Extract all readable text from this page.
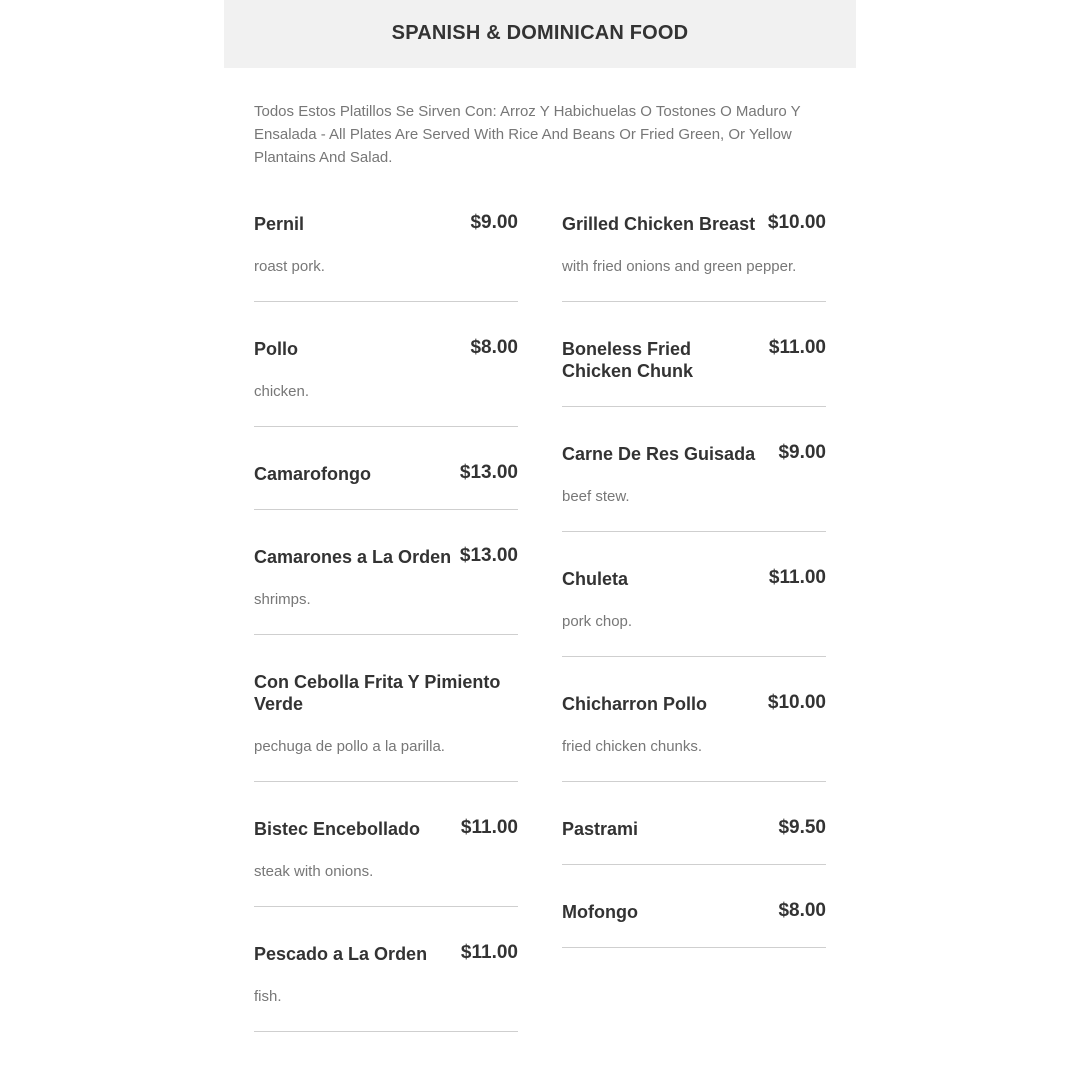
SPANISH & DOMINICAN FOOD
Todos Estos Platillos Se Sirven Con: Arroz Y Habichuelas O Tostones O Maduro Y Ensalada - All Plates Are Served With Rice And Beans Or Fried Green, Or Yellow Plantains And Salad.
Pernil	$9.00
roast pork.
Pollo	$8.00
chicken.
Camarofongo	$13.00
Camarones a La Orden $13.00
shrimps.
Con Cebolla Frita Y Pimiento Verde
pechuga de pollo a la parilla.
Bistec Encebollado	$11.00
steak with onions.
Pescado a La Orden	$11.00
fish.
Grilled Chicken Breast $10.00
with fried onions and green pepper.
Boneless Fried Chicken Chunk
$11.00
Carne De Res Guisada	$9.00
beef stew.
Chuleta	$11.00
pork chop.
Chicharron Pollo	$10.00
fried chicken chunks.
Pastrami	$9.50
Mofongo	$8.00
